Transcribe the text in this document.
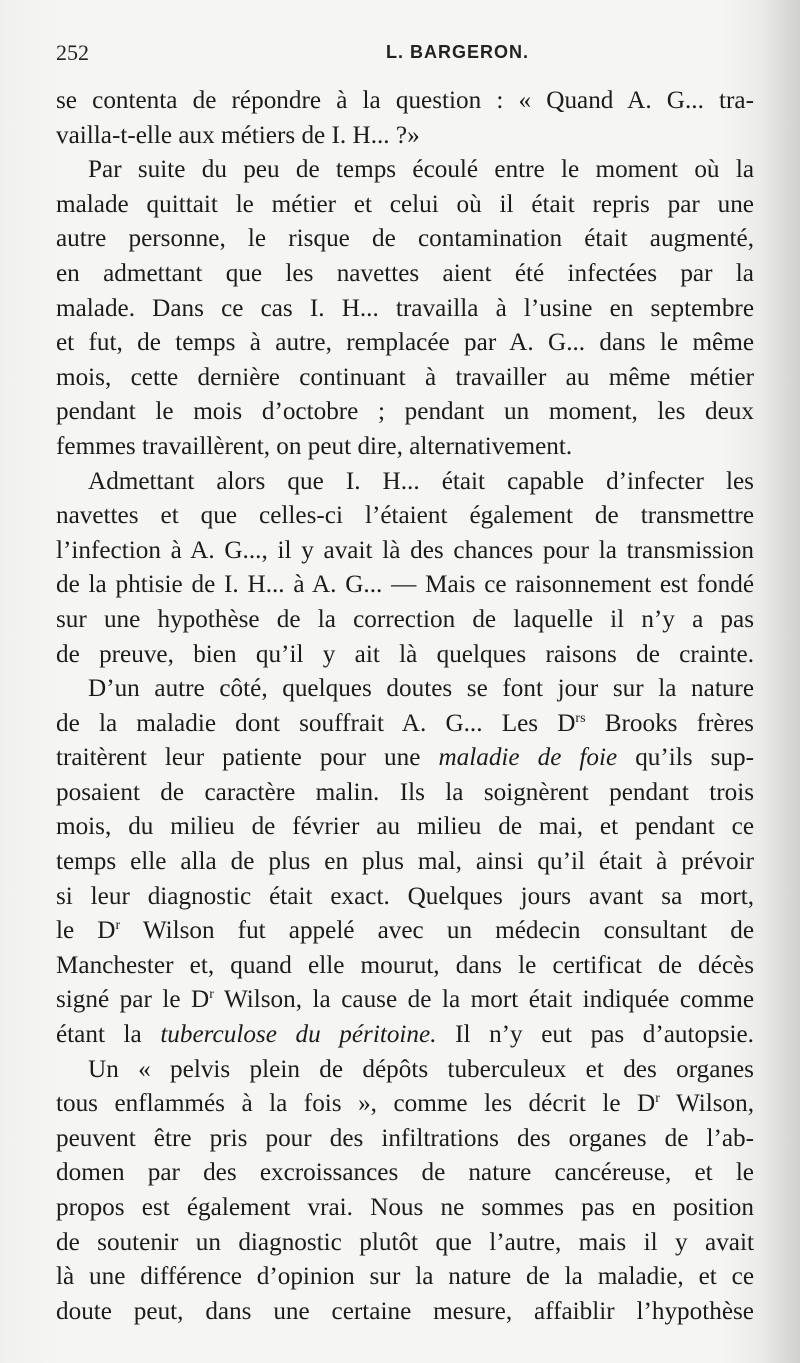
252	L. BARGERON.
se contenta de répondre à la question : « Quand A. G... tra-
vailla-t-elle aux métiers de I. H... ?»
Par suite du peu de temps écoulé entre le moment où la
malade quittait le métier et celui où il était repris par une
autre personne, le risque de contamination était augmenté,
en admettant que les navettes aient été infectées par la
malade. Dans ce cas I. H... travailla à l’usine en septembre
et fut, de temps à autre, remplacée par A. G... dans le même
mois, cette dernière continuant à travailler au même métier
pendant le mois d’octobre ; pendant un moment, les deux
femmes travaillèrent, on peut dire, alternativement.
Admettant alors que I. H... était capable d’infecter les
navettes et que celles-ci l’étaient également de transmettre
l’infection à A. G..., il y avait là des chances pour la transmission
de la phtisie de I. H... à A. G... — Mais ce raisonnement est fondé
sur une hypothèse de la correction de laquelle il n’y a pas
de preuve, bien qu’il y ait là quelques raisons de crainte.
D’un autre côté, quelques doutes se font jour sur la nature
de la maladie dont souffrait A. G... Les $D^{rs}$ Brooks frères
traitèrent leur patiente pour une maladie de foie qu’ils sup-
posaient de caractère malin. Ils la soignèrent pendant trois
mois, du milieu de février au milieu de mai, et pendant ce
temps elle alla de plus en plus mal, ainsi qu’il était à prévoir
si leur diagnostic était exact. Quelques jours avant sa mort,
le $D^r$ Wilson fut appelé avec un médecin consultant de
Manchester et, quand elle mourut, dans le certificat de décès
signé par le $D^r$ Wilson, la cause de la mort était indiquée comme
étant la tuberculose du péritoine. Il n’y eut pas d’autopsie.
Un « pelvis plein de dépôts tuberculeux et des organes
tous enflammés à la fois », comme les décrit le $D^r$ Wilson,
peuvent être pris pour des infiltrations des organes de l’ab-
domen par des excroissances de nature cancéreuse, et le
propos est également vrai. Nous ne sommes pas en position
de soutenir un diagnostic plutôt que l’autre, mais il y avait
là une différence d’opinion sur la nature de la maladie, et ce
doute peut, dans une certaine mesure, affaiblir l’hypothèse
